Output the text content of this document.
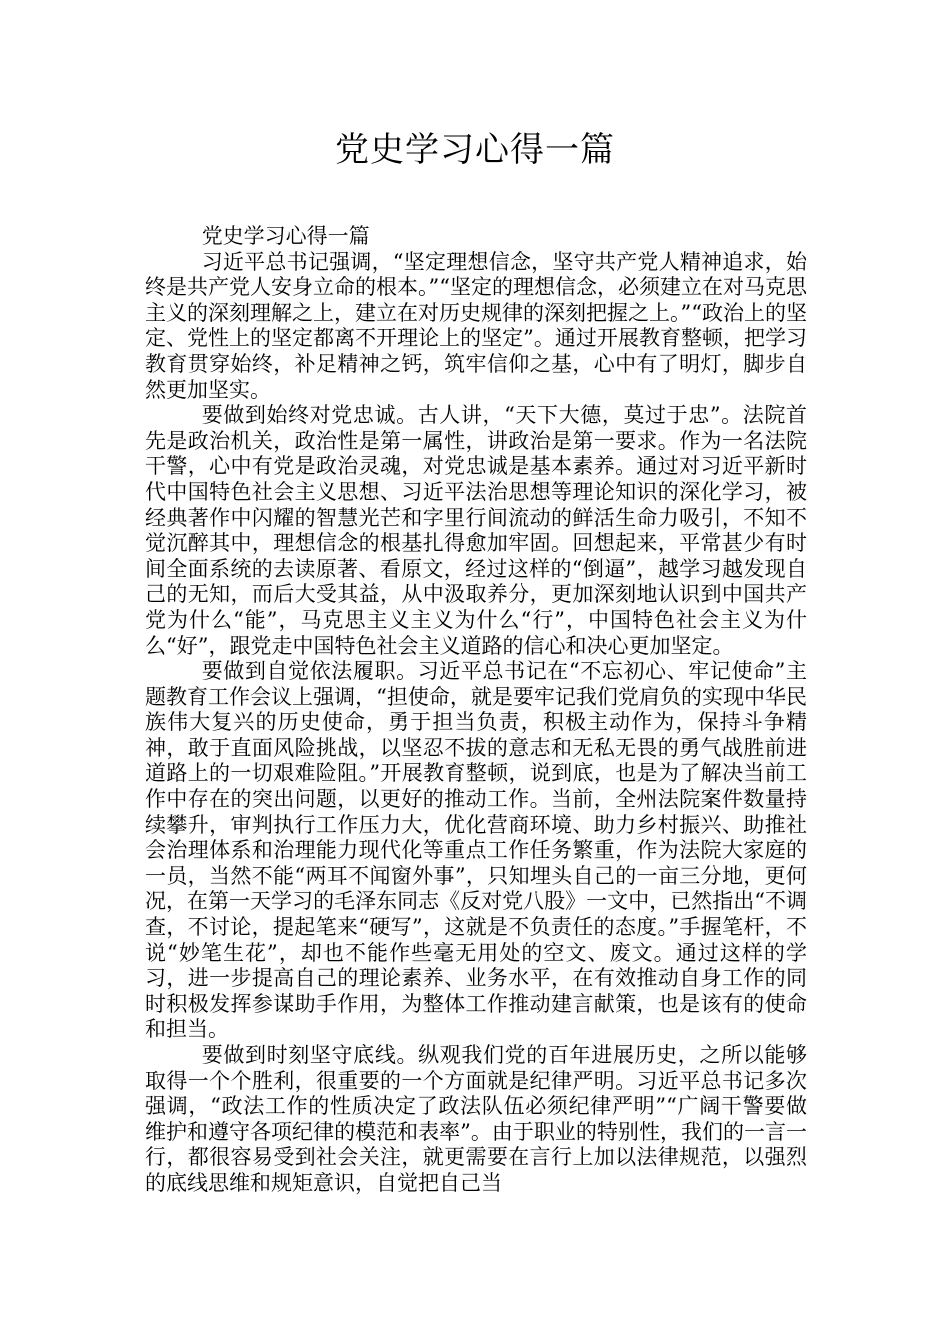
党史学习心得一篇

党史学习心得一篇

习近平总书记强调，“坚定理想信念，坚守共产党人精神追求，始终是共产党人安身立命的根本。”“坚定的理想信念，必须建立在对马克思主义的深刻理解之上，建立在对历史规律的深刻把握之上。”“政治上的坚定、党性上的坚定都离不开理论上的坚定”。通过开展教育整顿，把学习教育贯穿始终，补足精神之钙，筑牢信仰之基，心中有了明灯，脚步自然更加坚实。

要做到始终对党忠诚。古人讲，“天下大德，莫过于忠”。法院首先是政治机关，政治性是第一属性，讲政治是第一要求。作为一名法院干警，心中有党是政治灵魂，对党忠诚是基本素养。通过对习近平新时代中国特色社会主义思想、习近平法治思想等理论知识的深化学习，被经典著作中闪耀的智慧光芒和字里行间流动的鲜活生命力吸引，不知不觉沉醉其中，理想信念的根基扎得愈加牢固。回想起来，平常甚少有时间全面系统的去读原著、看原文，经过这样的“倒逼”，越学习越发现自己的无知，而后大受其益，从中汲取养分，更加深刻地认识到中国共产党为什么“能”，马克思主义主义为什么“行”，中国特色社会主义为什么“好”，跟党走中国特色社会主义道路的信心和决心更加坚定。

要做到自觉依法履职。习近平总书记在“不忘初心、牢记使命”主题教育工作会议上强调，“担使命，就是要牢记我们党肩负的实现中华民族伟大复兴的历史使命，勇于担当负责，积极主动作为，保持斗争精神，敢于直面风险挑战，以坚忍不拔的意志和无私无畏的勇气战胜前进道路上的一切艰难险阻。”开展教育整顿，说到底，也是为了解决当前工作中存在的突出问题，以更好的推动工作。当前，全州法院案件数量持续攀升，审判执行工作压力大，优化营商环境、助力乡村振兴、助推社会治理体系和治理能力现代化等重点工作任务繁重，作为法院大家庭的一员，当然不能“两耳不闻窗外事”，只知埋头自己的一亩三分地，更何况，在第一天学习的毛泽东同志《反对党八股》一文中，已然指出“不调查，不讨论，提起笔来“硬写”，这就是不负责任的态度。”手握笔杆，不说“妙笔生花”，却也不能作些毫无用处的空文、废文。通过这样的学习，进一步提高自己的理论素养、业务水平，在有效推动自身工作的同时积极发挥参谋助手作用，为整体工作推动建言献策，也是该有的使命和担当。

要做到时刻坚守底线。纵观我们党的百年进展历史，之所以能够取得一个个胜利，很重要的一个方面就是纪律严明。习近平总书记多次强调，“政法工作的性质决定了政法队伍必须纪律严明”“广阔干警要做维护和遵守各项纪律的模范和表率”。由于职业的特别性，我们的一言一行，都很容易受到社会关注，就更需要在言行上加以法律规范，以强烈的底线思维和规矩意识，自觉把自己当
